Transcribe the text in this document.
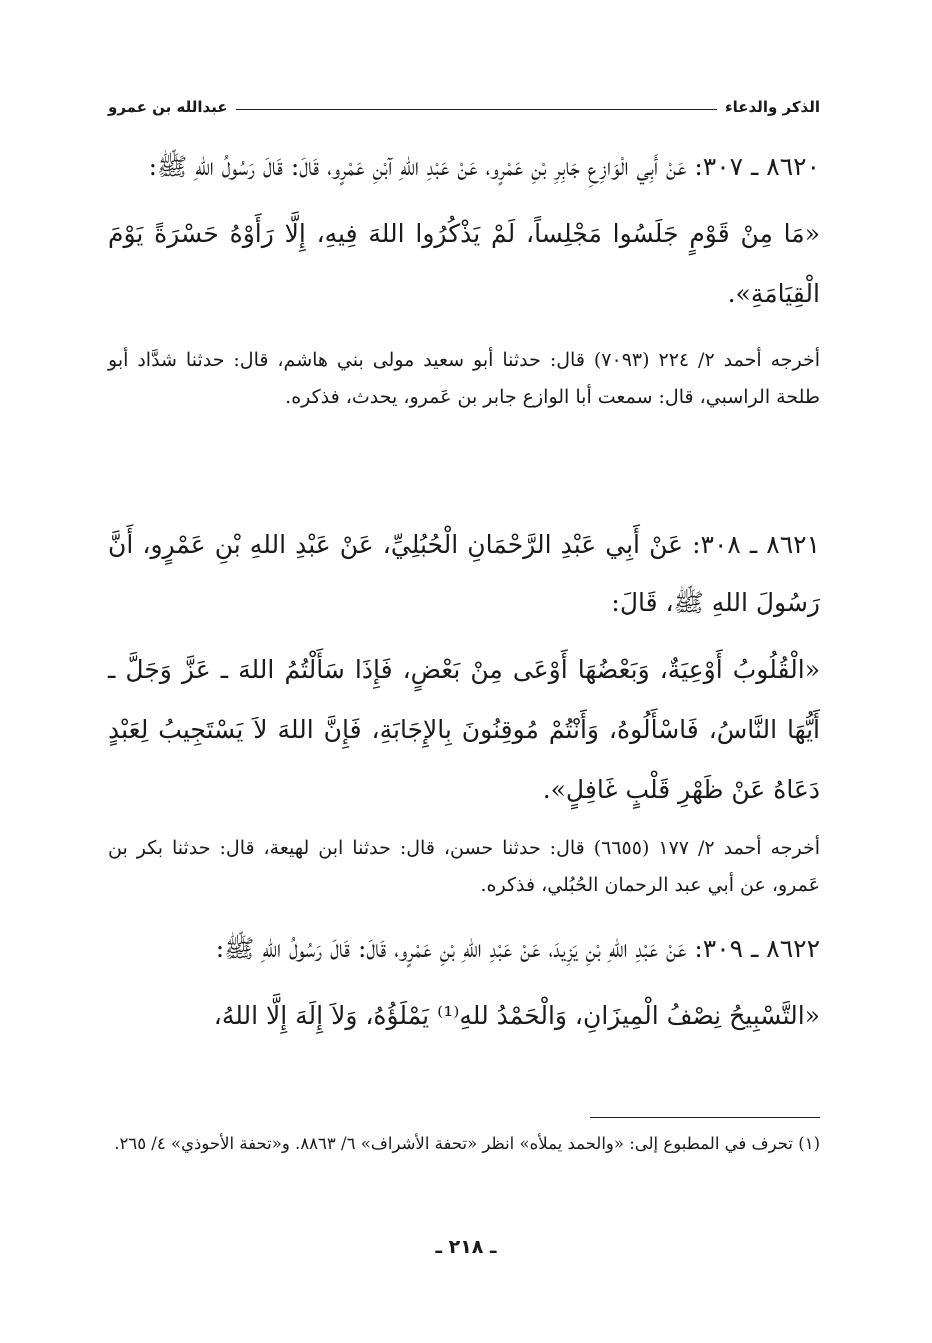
الذكر والدعاء
عبدالله بن عمرو

٨٦٢٠ ـ ٣٠٧: عَنْ أَبِي الْوَازِعِ جَابِرِ بْنِ عَمْرٍو، عَنْ عَبْدِ اللهِ آبْنِ عَمْرٍو، قَالَ: قَالَ رَسُولُ اللهِ ﷺ:

«مَا مِنْ قَوْمٍ جَلَسُوا مَجْلِساً، لَمْ يَذْكُرُوا اللهَ فِيهِ، إِلَّا رَأَوْهُ حَسْرَةً يَوْمَ الْقِيَامَةِ».

أخرجه أحمد ٢/ ٢٢٤ (٧٠٩٣) قال: حدثنا أبو سعيد مولى بني هاشم، قال: حدثنا شدَّاد أبو طلحة الراسبي، قال: سمعت أبا الوازع جابر بن عَمرو، يحدث، فذكره.

٨٦٢١ ـ ٣٠٨: عَنْ أَبِي عَبْدِ الرَّحْمَانِ الْحُبُلِيِّ، عَنْ عَبْدِ اللهِ بْنِ عَمْرٍو، أَنَّ رَسُولَ اللهِ ﷺ، قَالَ:

«الْقُلُوبُ أَوْعِيَةٌ، وَبَعْضُهَا أَوْعَى مِنْ بَعْضٍ، فَإِذَا سَأَلْتُمُ اللهَ ـ عَزَّ وَجَلَّ ـ أَيُّهَا النَّاسُ، فَاسْأَلُوهُ، وَأَنْتُمْ مُوقِنُونَ بِالإِجَابَةِ، فَإِنَّ اللهَ لاَ يَسْتَجِيبُ لِعَبْدٍ دَعَاهُ عَنْ ظَهْرِ قَلْبٍ غَافِلٍ».

أخرجه أحمد ٢/ ١٧٧ (٦٦٥٥) قال: حدثنا حسن، قال: حدثنا ابن لهيعة، قال: حدثنا بكر بن عَمرو، عن أبي عبد الرحمان الحُبُلي، فذكره.

٨٦٢٢ ـ ٣٠٩: عَنْ عَبْدِ اللهِ بْنِ يَزِيدَ، عَنْ عَبْدِ اللهِ بْنِ عَمْرٍو، قَالَ: قَالَ رَسُولُ اللّهِ ﷺ:

«التَّسْبِيحُ نِصْفُ الْمِيزَانِ، وَالْحَمْدُ للهِ⁽¹⁾ يَمْلَؤُهُ، وَلاَ إِلَهَ إِلَّا اللهُ،

(١) تحرف في المطبوع إلى: «والحمد يملأه» انظر «تحفة الأشراف» ٦/ ٨٨٦٣. و«تحفة الأحوذي» ٤/ ٢٦٥.

ـ ٢١٨ ـ
